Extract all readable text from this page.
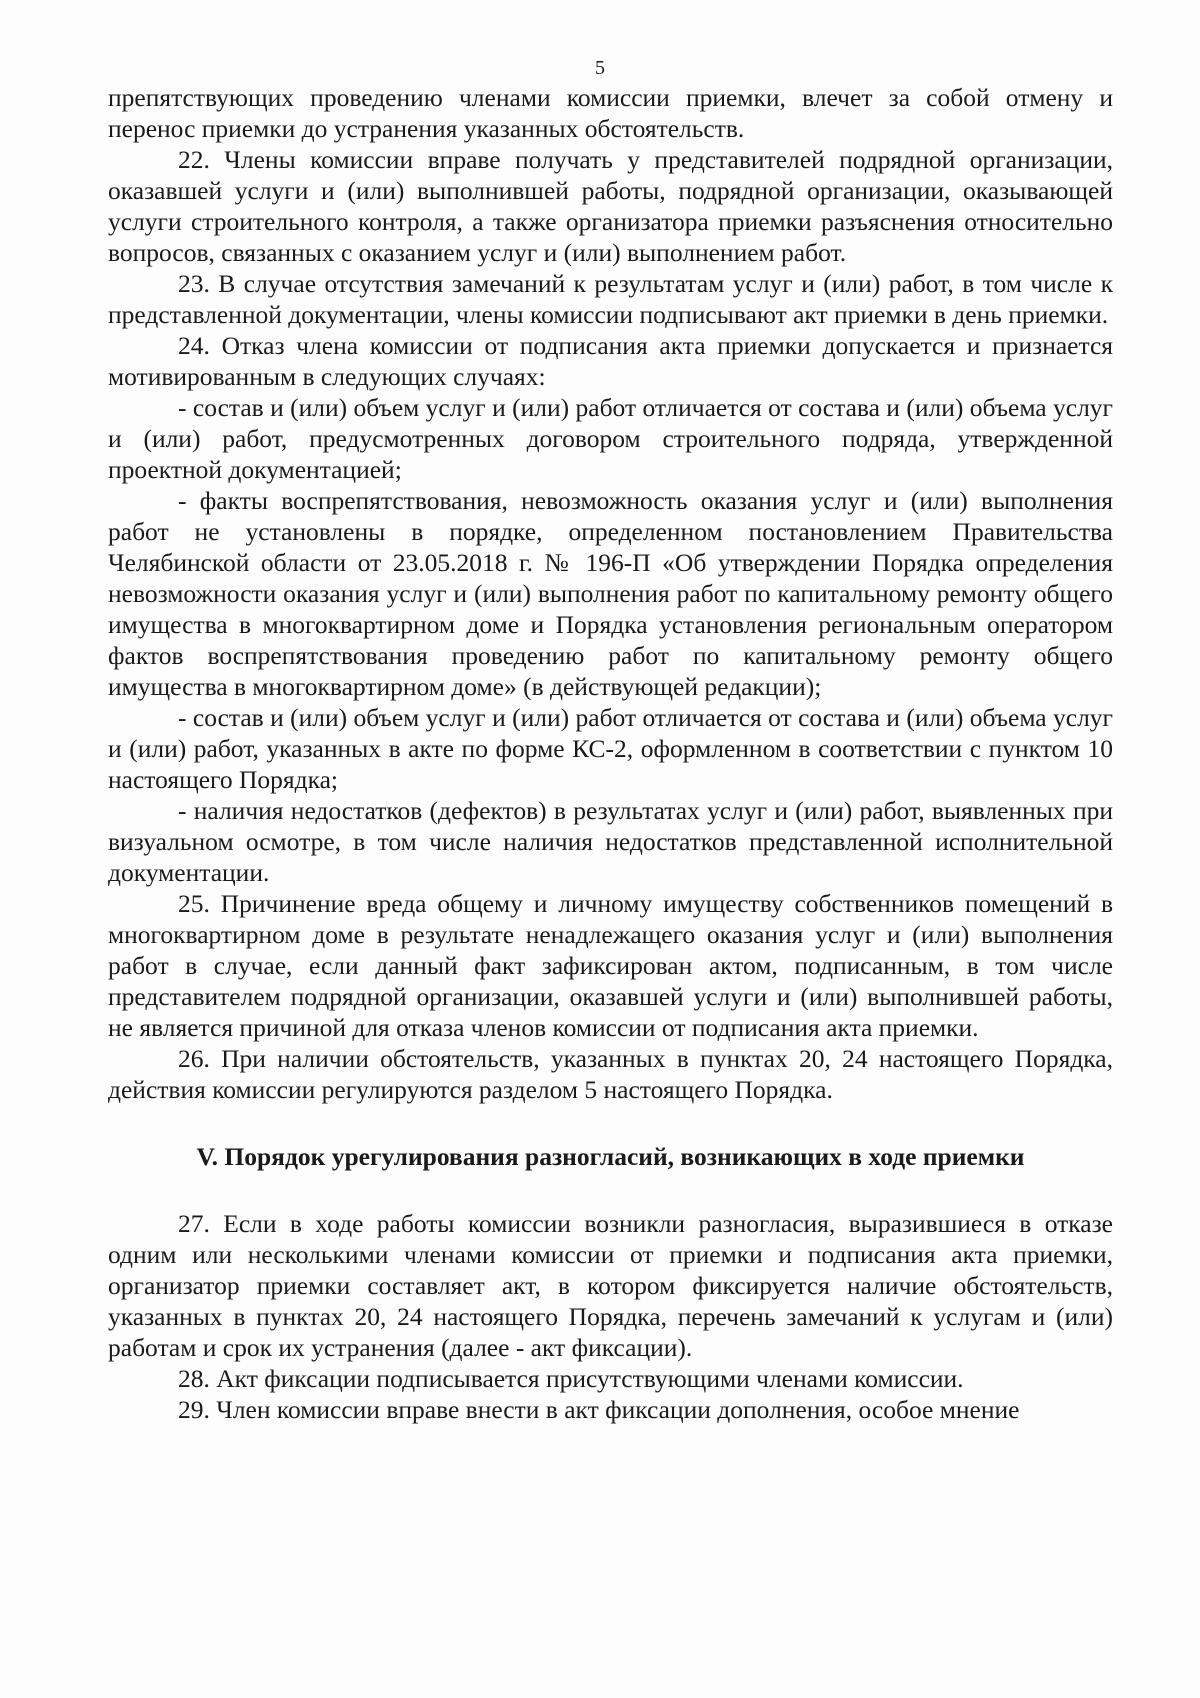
5

препятствующих проведению членами комиссии приемки, влечет за собой отмену и перенос приемки до устранения указанных обстоятельств.

22. Члены комиссии вправе получать у представителей подрядной организации, оказавшей услуги и (или) выполнившей работы, подрядной организации, оказывающей услуги строительного контроля, а также организатора приемки разъяснения относительно вопросов, связанных с оказанием услуг и (или) выполнением работ.

23. В случае отсутствия замечаний к результатам услуг и (или) работ, в том числе к представленной документации, члены комиссии подписывают акт приемки в день приемки.

24. Отказ члена комиссии от подписания акта приемки допускается и признается мотивированным в следующих случаях:

- состав и (или) объем услуг и (или) работ отличается от состава и (или) объема услуг и (или) работ, предусмотренных договором строительного подряда, утвержденной проектной документацией;

- факты воспрепятствования, невозможность оказания услуг и (или) выполнения работ не установлены в порядке, определенном постановлением Правительства Челябинской области от 23.05.2018 г. № 196-П «Об утверждении Порядка определения невозможности оказания услуг и (или) выполнения работ по капитальному ремонту общего имущества в многоквартирном доме и Порядка установления региональным оператором фактов воспрепятствования проведению работ по капитальному ремонту общего имущества в многоквартирном доме» (в действующей редакции);

- состав и (или) объем услуг и (или) работ отличается от состава и (или) объема услуг и (или) работ, указанных в акте по форме КС-2, оформленном в соответствии с пунктом 10 настоящего Порядка;

- наличия недостатков (дефектов) в результатах услуг и (или) работ, выявленных при визуальном осмотре, в том числе наличия недостатков представленной исполнительной документации.

25. Причинение вреда общему и личному имуществу собственников помещений в многоквартирном доме в результате ненадлежащего оказания услуг и (или) выполнения работ в случае, если данный факт зафиксирован актом, подписанным, в том числе представителем подрядной организации, оказавшей услуги и (или) выполнившей работы, не является причиной для отказа членов комиссии от подписания акта приемки.

26. При наличии обстоятельств, указанных в пунктах 20, 24 настоящего Порядка, действия комиссии регулируются разделом 5 настоящего Порядка.

V. Порядок урегулирования разногласий, возникающих в ходе приемки

27. Если в ходе работы комиссии возникли разногласия, выразившиеся в отказе одним или несколькими членами комиссии от приемки и подписания акта приемки, организатор приемки составляет акт, в котором фиксируется наличие обстоятельств, указанных в пунктах 20, 24 настоящего Порядка, перечень замечаний к услугам и (или) работам и срок их устранения (далее - акт фиксации).

28. Акт фиксации подписывается присутствующими членами комиссии.

29. Член комиссии вправе внести в акт фиксации дополнения, особое мнение
